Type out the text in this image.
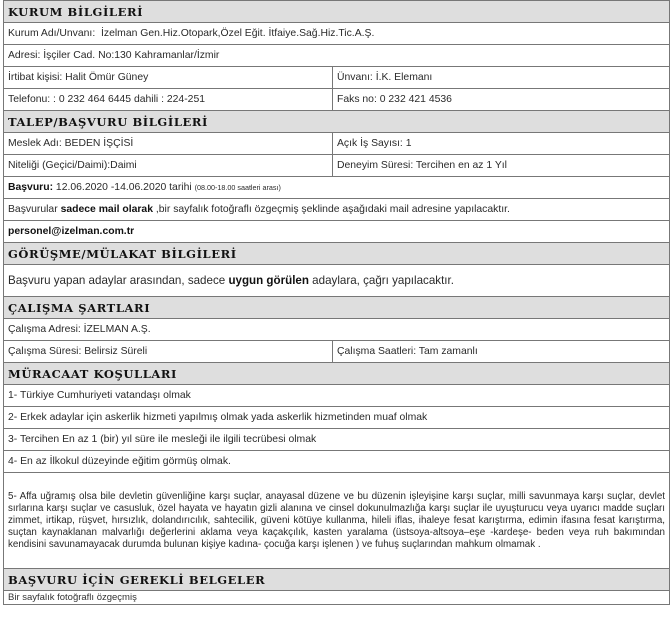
KURUM BİLGİLERİ	
Kurum Adı/Unvanı: İzelman Gen.Hiz.Otopark,Özel Eğit. İtfaiye.Sağ.Hiz.Tic.A.Ş.	
Adresi: İşçiler Cad. No:130 Kahramanlar/İzmir	
İrtibat kişisi: Halit Ömür Güney	Ünvanı: İ.K. Elemanı
Telefonu: : 0 232 464 6445 dahili : 224-251	Faks no: 0 232 421 4536
TALEP/BAŞVURU BİLGİLERİ	
Meslek Adı: BEDEN İŞÇİSİ	Açık İş Sayısı: 1
Niteliği (Geçici/Daimi):Daimi	Deneyim Süresi: Tercihen en az 1 Yıl
Başvuru: 12.06.2020 -14.06.2020 tarihi (08.00-18.00 saatleri arası)	
Başvurular sadece mail olarak ,bir sayfalık fotoğraflı özgeçmiş şeklinde aşağıdaki mail adresine yapılacaktır.	
personel@izelman.com.tr	
GÖRÜŞME/MÜLAKAT BİLGİLERİ	
Başvuru yapan adaylar arasından, sadece uygun görülen adaylara, çağrı yapılacaktır.	
ÇALIŞMA ŞARTLARI	
Çalışma Adresi: İZELMAN A.Ş.	
Çalışma Süresi: Belirsiz Süreli	Çalışma Saatleri: Tam zamanlı
MÜRACAAT KOŞULLARI	
1- Türkiye Cumhuriyeti vatandaşı olmak	
2- Erkek adaylar için askerlik hizmeti yapılmış olmak yada askerlik hizmetinden muaf olmak	
3- Tercihen En az 1 (bir) yıl süre ile mesleği ile ilgili tecrübesi olmak	
4- En az İlkokul düzeyinde eğitim görmüş olmak.	
5- Affa uğramış olsa bile devletin güvenliğine karşı suçlar, anayasal düzene ve bu düzenin işleyişine karşı suçlar, milli savunmaya karşı suçlar, devlet sırlarına karşı suçlar ve casusluk, özel hayata ve hayatın gizli alanına ve cinsel dokunulmazlığa karşı suçlar ile uyuşturucu veya uyarıcı madde suçları zimmet, irtikap, rüşvet, hırsızlık, dolandırıcılık, sahtecilik, güveni kötüye kullanma, hileli iflas, ihaleye fesat karıştırma, edimin ifasına fesat karıştırma, suçtan kaynaklanan malvarlığı değerlerini aklama veya kaçakçılık, kasten yaralama (üstsoya-altsoya–eşe -kardeşe- beden veya ruh bakımından kendisini savunamayacak durumda bulunan kişiye kadına- çocuğa karşı işlenen ) ve fuhuş suçlarından mahkum olmamak .	
BAŞVURU İÇİN GEREKLİ BELGELER	
Bir sayfalık fotoğraflı özgeçmiş	
